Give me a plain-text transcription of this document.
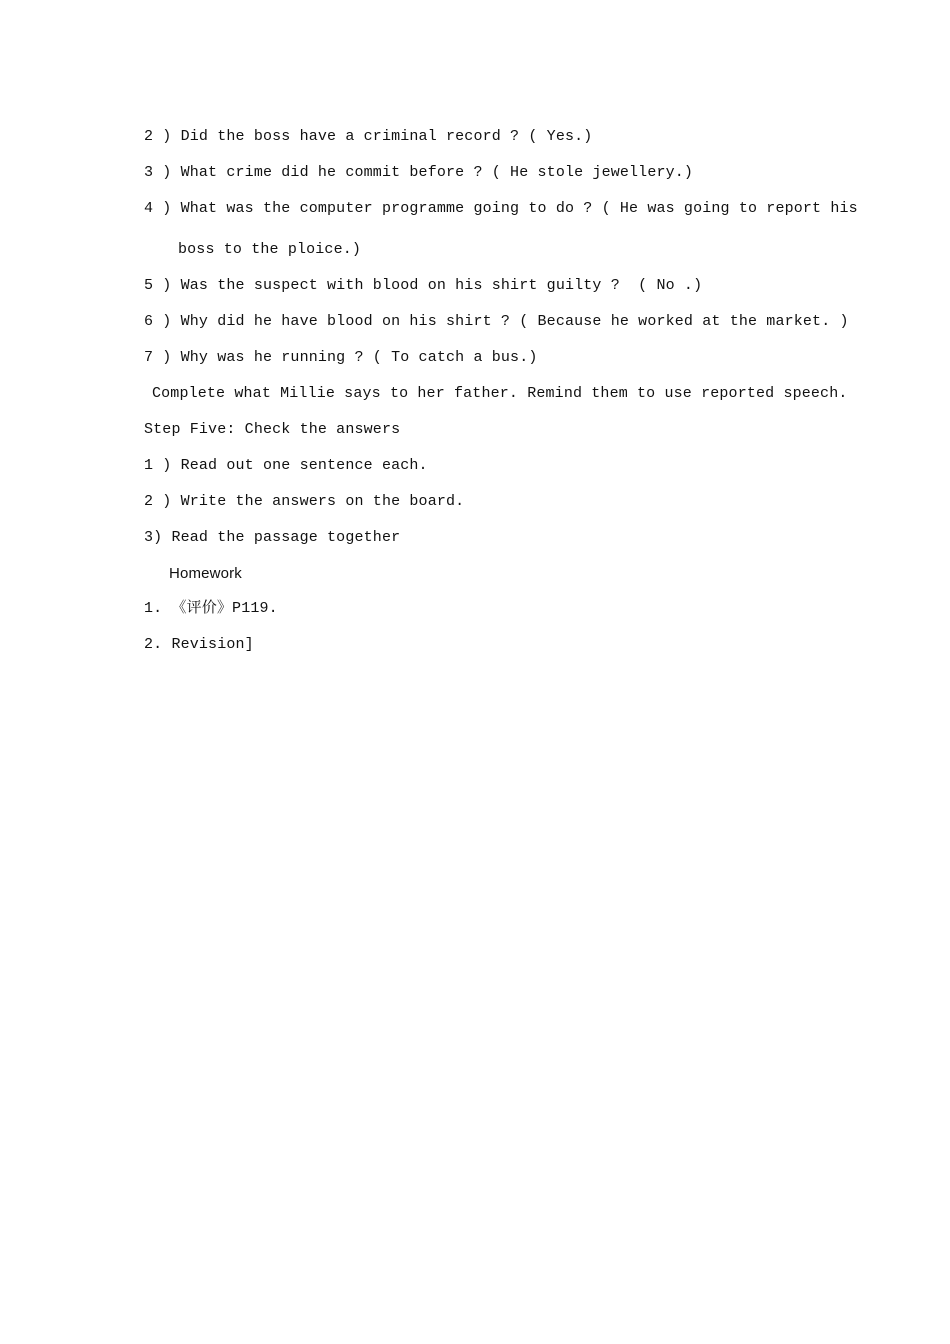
2 ) Did the boss have a criminal record ? ( Yes.)
3 ) What crime did he commit before ? ( He stole jewellery.)
4 ) What was the computer programme going to do ? ( He was going to report his
boss to the ploice.)
5 ) Was the suspect with blood on his shirt guilty ?  ( No .)
6 ) Why did he have blood on his shirt ? ( Because he worked at the market. )
7 ) Why was he running ? ( To catch a bus.)
Complete what Millie says to her father. Remind them to use reported speech.
Step Five: Check the answers
1 ) Read out one sentence each.
2 ) Write the answers on the board.
3) Read the passage together
Homework
1. 《评价》P119.
2. Revision]
